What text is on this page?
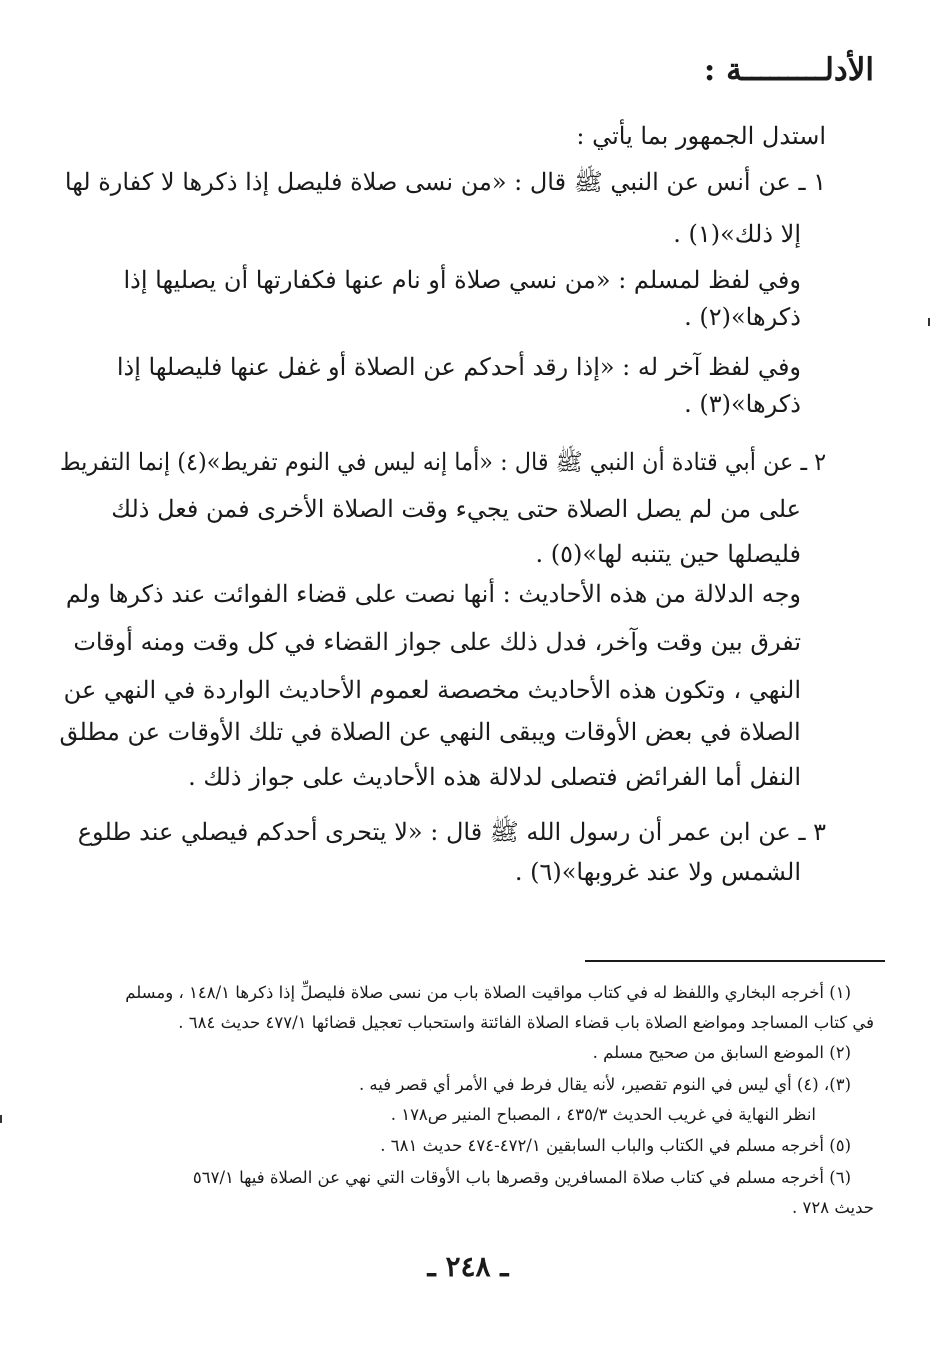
الأدلـــــــــة :
استدل الجمهور بما يأتي :
١ ـ عن أنس عن النبي ﷺ قال : «من نسى صلاة فليصل إذا ذكرها لا كفارة لها
إلا ذلك»(١) .
وفي لفظ لمسلم : «من نسي صلاة أو نام عنها فكفارتها أن يصليها إذا
ذكرها»(٢) .
وفي لفظ آخر له : «إذا رقد أحدكم عن الصلاة أو غفل عنها فليصلها إذا
ذكرها»(٣) .
٢ ـ عن أبي قتادة أن النبي ﷺ قال : «أما إنه ليس في النوم تفريط»(٤) إنما التفريط
على من لم يصل الصلاة حتى يجيء وقت الصلاة الأخرى فمن فعل ذلك
فليصلها حين يتنبه لها»(٥) .
وجه الدلالة من هذه الأحاديث : أنها نصت على قضاء الفوائت عند ذكرها ولم
تفرق بين وقت وآخر، فدل ذلك على جواز القضاء في كل وقت ومنه أوقات
النهي ، وتكون هذه الأحاديث مخصصة لعموم الأحاديث الواردة في النهي عن
الصلاة في بعض الأوقات ويبقى النهي عن الصلاة في تلك الأوقات عن مطلق
النفل أما الفرائض فتصلى لدلالة هذه الأحاديث على جواز ذلك .
٣ ـ عن ابن عمر أن رسول الله ﷺ قال : «لا يتحرى أحدكم فيصلي عند طلوع
الشمس ولا عند غروبها»(٦) .
(١) أخرجه البخاري واللفظ له في كتاب مواقيت الصلاة باب من نسى صلاة فليصلِّ إذا ذكرها ١٤٨/١ ، ومسلم
في كتاب المساجد ومواضع الصلاة باب قضاء الصلاة الفائتة واستحباب تعجيل قضائها ٤٧٧/١ حديث ٦٨٤ .
(٢) الموضع السابق من صحيح مسلم .
(٣)، (٤) أي ليس في النوم تقصير، لأنه يقال فرط في الأمر أي قصر فيه .
انظر النهاية في غريب الحديث ٤٣٥/٣ ، المصباح المنير ص١٧٨ .
(٥) أخرجه مسلم في الكتاب والباب السابقين ٤٧٢/١-٤٧٤ حديث ٦٨١ .
(٦) أخرجه مسلم في كتاب صلاة المسافرين وقصرها باب الأوقات التي نهي عن الصلاة فيها ٥٦٧/١
حديث ٧٢٨ .
ـ ٢٤٨ ـ
